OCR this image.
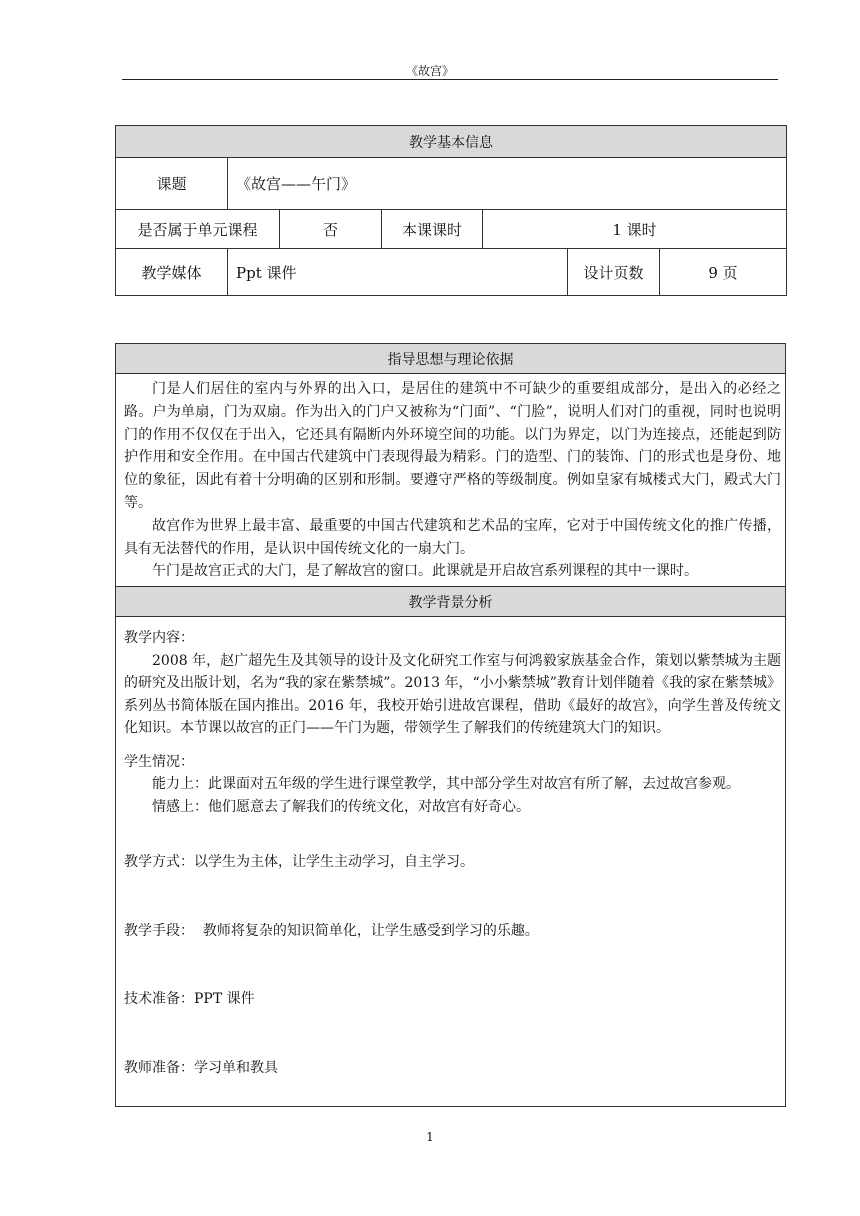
《故宫》
教学基本信息						
课题	《故宫——午门》					
是否属于单元课程		否	本课课时	1 课时		
教学媒体	Ppt 课件				设计页数	9 页
指导思想与理论依据

门是人们居住的室内与外界的出入口，是居住的建筑中不可缺少的重要组成部分，是出入的必经之路。户为单扇，门为双扇。作为出入的门户又被称为“门面”、“门脸”，说明人们对门的重视，同时也说明门的作用不仅仅在于出入，它还具有隔断内外环境空间的功能。以门为界定，以门为连接点，还能起到防护作用和安全作用。在中国古代建筑中门表现得最为精彩。门的造型、门的装饰、门的形式也是身份、地位的象征，因此有着十分明确的区别和形制。要遵守严格的等级制度。例如皇家有城楼式大门，殿式大门等。

故宫作为世界上最丰富、最重要的中国古代建筑和艺术品的宝库，它对于中国传统文化的推广传播，具有无法替代的作用，是认识中国传统文化的一扇大门。

午门是故宫正式的大门，是了解故宫的窗口。此课就是开启故宫系列课程的其中一课时。

教学背景分析

教学内容：

2008 年，赵广超先生及其领导的设计及文化研究工作室与何鸿毅家族基金合作，策划以紫禁城为主题的研究及出版计划，名为“我的家在紫禁城”。2013 年，“小小紫禁城”教育计划伴随着《我的家在紫禁城》系列丛书简体版在国内推出。2016 年，我校开始引进故宫课程，借助《最好的故宫》，向学生普及传统文化知识。本节课以故宫的正门——午门为题，带领学生了解我们的传统建筑大门的知识。

学生情况：

能力上：此课面对五年级的学生进行课堂教学，其中部分学生对故宫有所了解，去过故宫参观。

情感上：他们愿意去了解我们的传统文化，对故宫有好奇心。

教学方式：以学生为主体，让学生主动学习，自主学习。

教学手段：  教师将复杂的知识简单化，让学生感受到学习的乐趣。

技术准备：PPT 课件

教师准备：学习单和教具

1
